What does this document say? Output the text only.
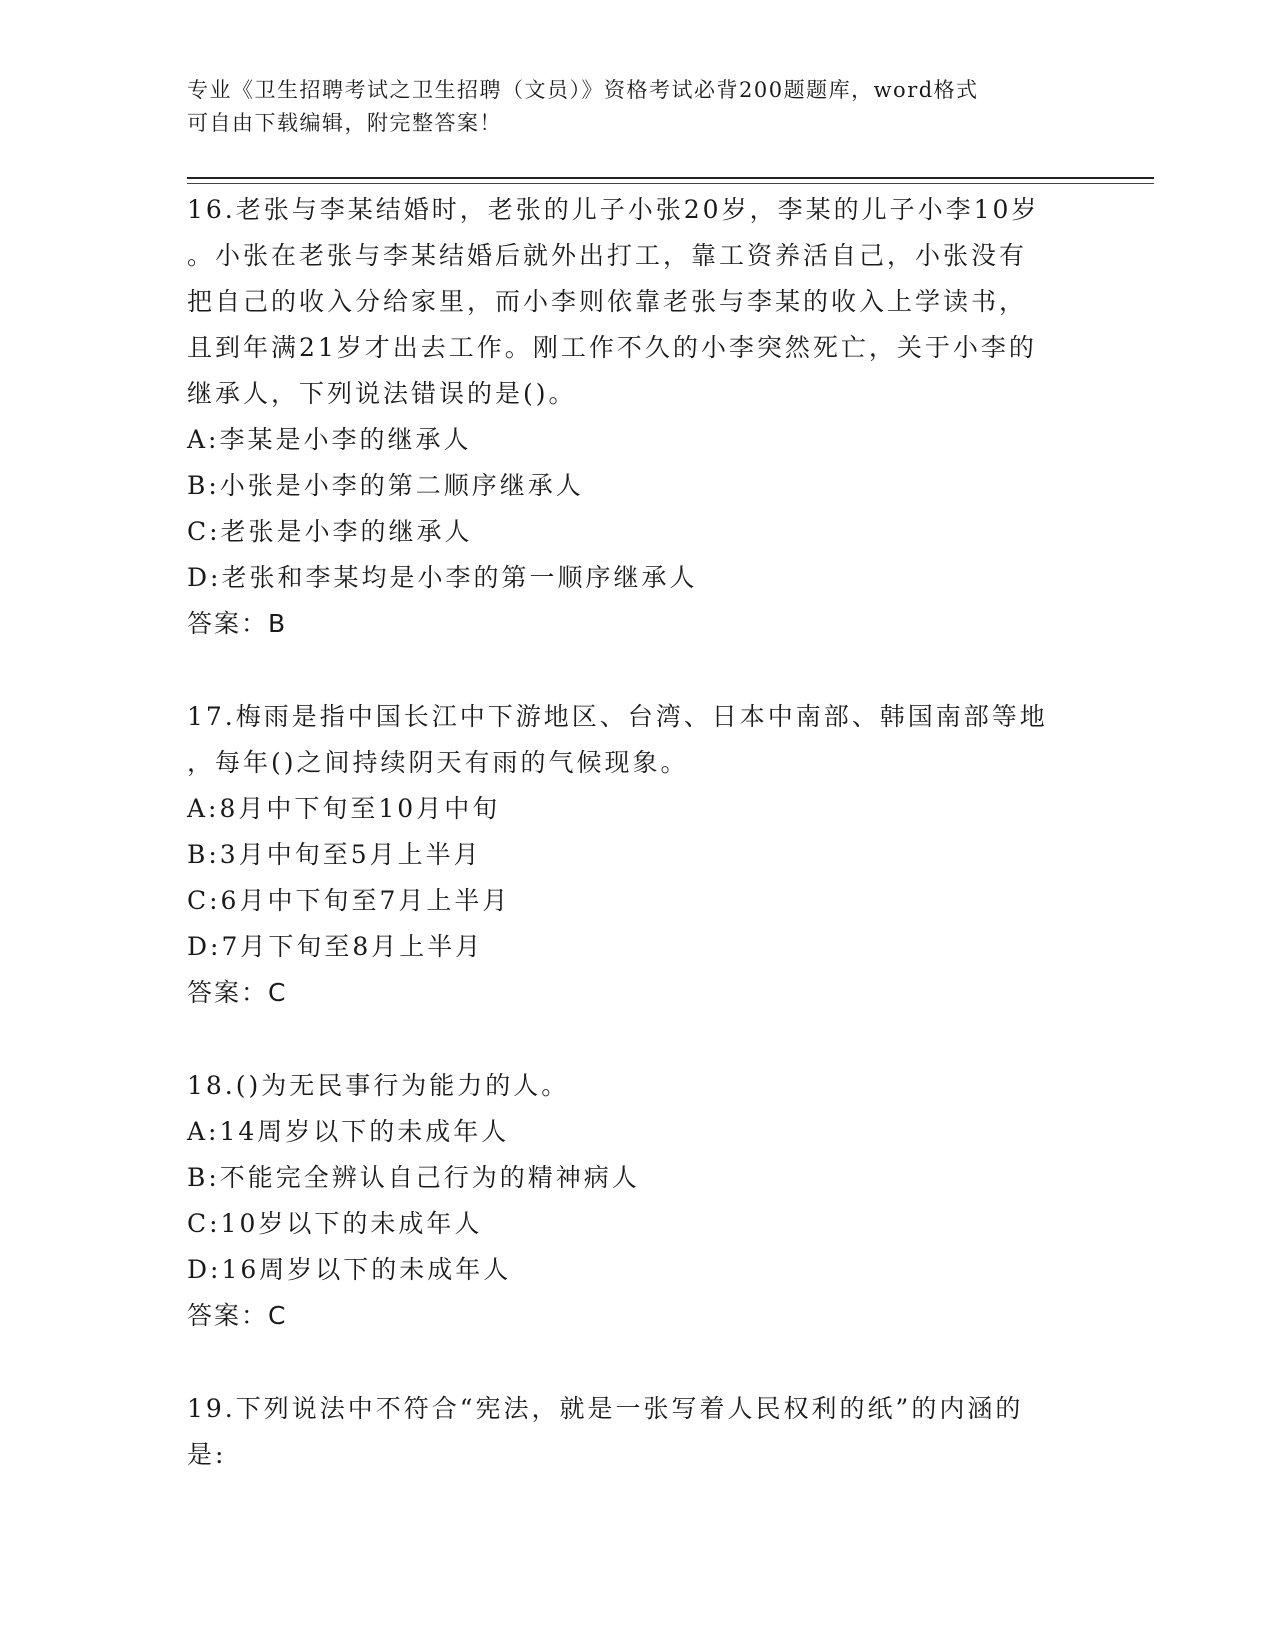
专业《卫生招聘考试之卫生招聘（文员）》资格考试必背200题题库，word格式
可自由下载编辑，附完整答案！
16.老张与李某结婚时，老张的儿子小张20岁，李某的儿子小李10岁
。小张在老张与李某结婚后就外出打工，靠工资养活自己，小张没有
把自己的收入分给家里，而小李则依靠老张与李某的收入上学读书，
且到年满21岁才出去工作。刚工作不久的小李突然死亡，关于小李的
继承人，下列说法错误的是()。
A:李某是小李的继承人
B:小张是小李的第二顺序继承人
C:老张是小李的继承人
D:老张和李某均是小李的第一顺序继承人
答案：B
17.梅雨是指中国长江中下游地区、台湾、日本中南部、韩国南部等地
，每年()之间持续阴天有雨的气候现象。
A:8月中下旬至10月中旬
B:3月中旬至5月上半月
C:6月中下旬至7月上半月
D:7月下旬至8月上半月
答案：C
18.()为无民事行为能力的人。
A:14周岁以下的未成年人
B:不能完全辨认自己行为的精神病人
C:10岁以下的未成年人
D:16周岁以下的未成年人
答案：C
19.下列说法中不符合“宪法，就是一张写着人民权利的纸”的内涵的
是:
